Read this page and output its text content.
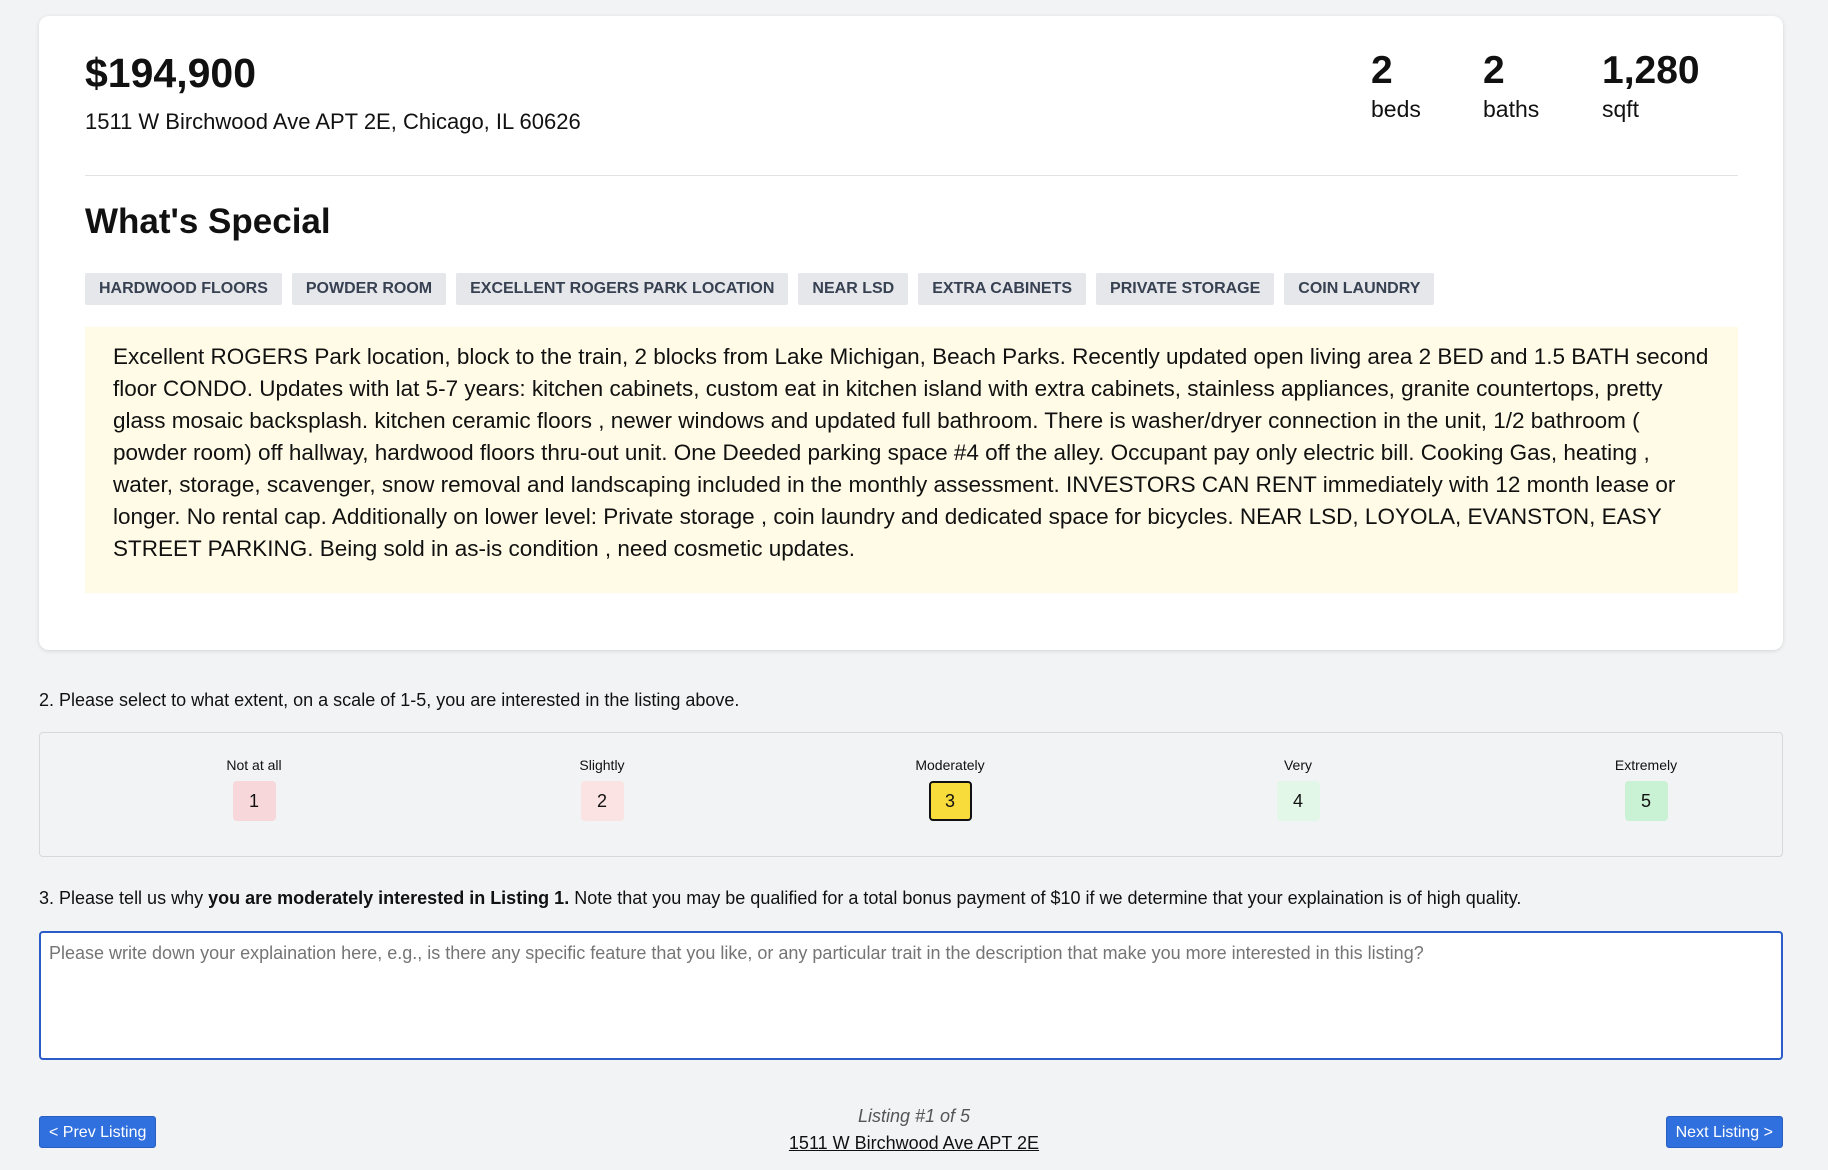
$194,900
1511 W Birchwood Ave APT 2E, Chicago, IL 60626
2
beds
2
baths
1,280
sqft
What's Special
HARDWOOD FLOORS	POWDER ROOM	EXCELLENT ROGERS PARK LOCATION	NEAR LSD	EXTRA CABINETS	PRIVATE STORAGE	COIN LAUNDRY
Excellent ROGERS Park location, block to the train, 2 blocks from Lake Michigan, Beach Parks. Recently updated open living area 2 BED and 1.5 BATH second floor CONDO. Updates with lat 5-7 years: kitchen cabinets, custom eat in kitchen island with extra cabinets, stainless appliances, granite countertops, pretty glass mosaic backsplash. kitchen ceramic floors , newer windows and updated full bathroom. There is washer/dryer connection in the unit, 1/2 bathroom ( powder room) off hallway, hardwood floors thru-out unit. One Deeded parking space #4 off the alley. Occupant pay only electric bill. Cooking Gas, heating , water, storage, scavenger, snow removal and landscaping included in the monthly assessment. INVESTORS CAN RENT immediately with 12 month lease or longer. No rental cap. Additionally on lower level: Private storage , coin laundry and dedicated space for bicycles. NEAR LSD, LOYOLA, EVANSTON, EASY STREET PARKING. Being sold in as-is condition , need cosmetic updates.
2. Please select to what extent, on a scale of 1-5, you are interested in the listing above.
Not at all
1
Slightly
2
Moderately
3
Very
4
Extremely
5
3. Please tell us why you are moderately interested in Listing 1. Note that you may be qualified for a total bonus payment of $10 if we determine that your explaination is of high quality.
Please write down your explaination here, e.g., is there any specific feature that you like, or any particular trait in the description that make you more interested in this listing?
< Prev Listing
Listing #1 of 5
1511 W Birchwood Ave APT 2E
Next Listing >
